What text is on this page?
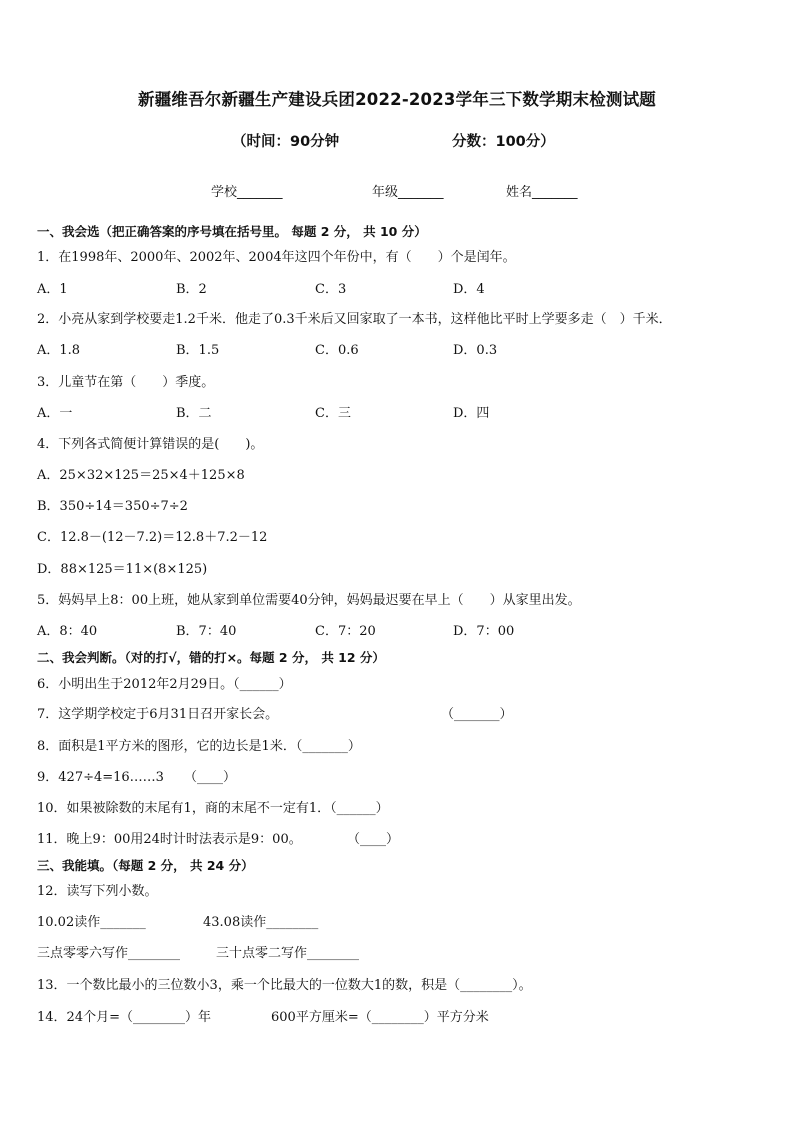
新疆维吾尔新疆生产建设兵团2022-2023学年三下数学期末检测试题
（时间：90分钟	分数：100分）
学校_______	年级_______	姓名_______
一、我会选（把正确答案的序号填在括号里。 每题 2 分， 共 10 分）
1．在1998年、2000年、2002年、2004年这四个年份中，有（　　）个是闰年。
A．1	B．2	C．3	D．4
2．小亮从家到学校要走1.2千米．他走了0.3千米后又回家取了一本书，这样他比平时上学要多走（　）千米．
A．1.8	B．1.5	C．0.6	D．0.3
3．儿童节在第（　　）季度。
A．一	B．二	C．三	D．四
4．下列各式简便计算错误的是(　　)。
A．25×32×125＝25×4＋125×8
B．350÷14＝350÷7÷2
C．12.8－(12－7.2)＝12.8＋7.2－12
D．88×125＝11×(8×125)
5．妈妈早上8：00上班，她从家到单位需要40分钟，妈妈最迟要在早上（　　）从家里出发。
A．8：40	B．7：40	C．7：20	D．7：00
二、我会判断。（对的打√，错的打×。每题 2 分， 共 12 分）
6．小明出生于2012年2月29日。（______）
7．这学期学校定于6月31日召开家长会。	（_______）
8．面积是1平方米的图形，它的边长是1米．（_______）
9．427÷4=16……3 （____）
10．如果被除数的末尾有1，商的末尾不一定有1．（______）
11．晚上9：00用24时计时法表示是9：00。	（____）
三、我能填。（每题 2 分， 共 24 分）
12．读写下列小数。
10.02读作_______	43.08读作________
三点零零六写作________	三十点零二写作________
13．一个数比最小的三位数小3，乘一个比最大的一位数大1的数，积是（________）。
14．24个月=（________）年	600平方厘米=（________）平方分米
